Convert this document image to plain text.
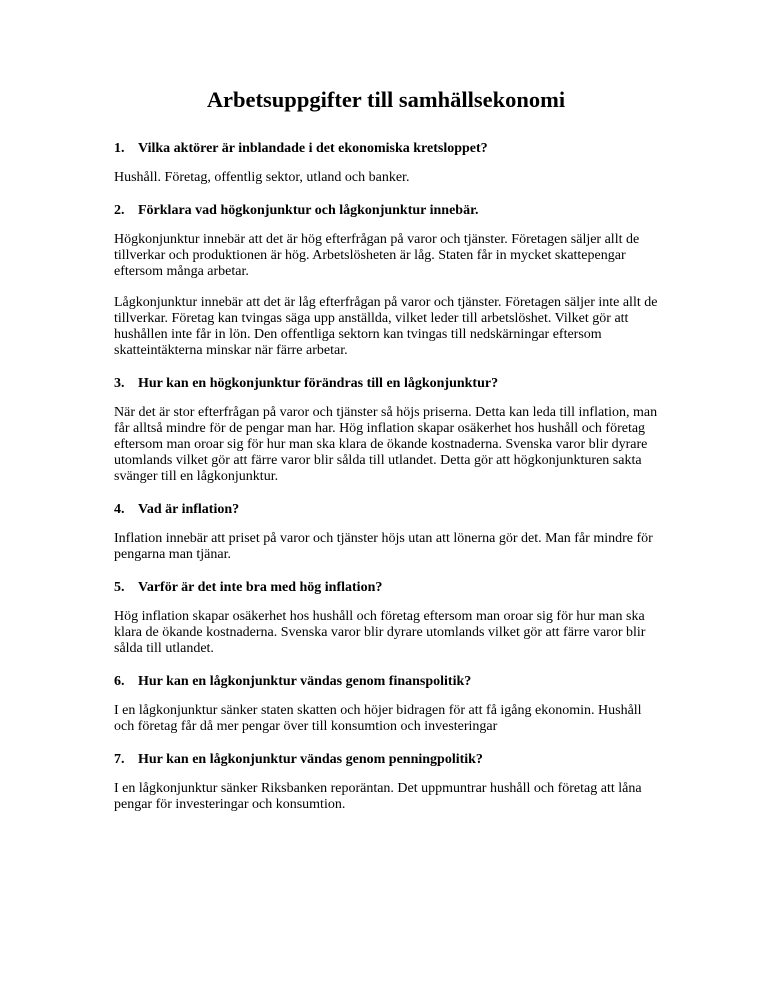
Arbetsuppgifter till samhällsekonomi
1. Vilka aktörer är inblandade i det ekonomiska kretsloppet?

Hushåll. Företag, offentlig sektor, utland och banker.

2. Förklara vad högkonjunktur och lågkonjunktur innebär.

Högkonjunktur innebär att det är hög efterfrågan på varor och tjänster. Företagen säljer allt de tillverkar och produktionen är hög. Arbetslösheten är låg. Staten får in mycket skattepengar eftersom många arbetar.

Lågkonjunktur innebär att det är låg efterfrågan på varor och tjänster. Företagen säljer inte allt de tillverkar. Företag kan tvingas säga upp anställda, vilket leder till arbetslöshet. Vilket gör att hushållen inte får in lön. Den offentliga sektorn kan tvingas till nedskärningar eftersom skatteintäkterna minskar när färre arbetar.

3. Hur kan en högkonjunktur förändras till en lågkonjunktur?

När det är stor efterfrågan på varor och tjänster så höjs priserna. Detta kan leda till inflation, man får alltså mindre för de pengar man har. Hög inflation skapar osäkerhet hos hushåll och företag eftersom man oroar sig för hur man ska klara de ökande kostnaderna. Svenska varor blir dyrare utomlands vilket gör att färre varor blir sålda till utlandet. Detta gör att högkonjunkturen sakta svänger till en lågkonjunktur.

4. Vad är inflation?

Inflation innebär att priset på varor och tjänster höjs utan att lönerna gör det. Man får mindre för pengarna man tjänar.

5. Varför är det inte bra med hög inflation?

Hög inflation skapar osäkerhet hos hushåll och företag eftersom man oroar sig för hur man ska klara de ökande kostnaderna. Svenska varor blir dyrare utomlands vilket gör att färre varor blir sålda till utlandet.

6. Hur kan en lågkonjunktur vändas genom finanspolitik?

I en lågkonjunktur sänker staten skatten och höjer bidragen för att få igång ekonomin. Hushåll och företag får då mer pengar över till konsumtion och investeringar

7. Hur kan en lågkonjunktur vändas genom penningpolitik?

I en lågkonjunktur sänker Riksbanken reporäntan. Det uppmuntrar hushåll och företag att låna pengar för investeringar och konsumtion.
